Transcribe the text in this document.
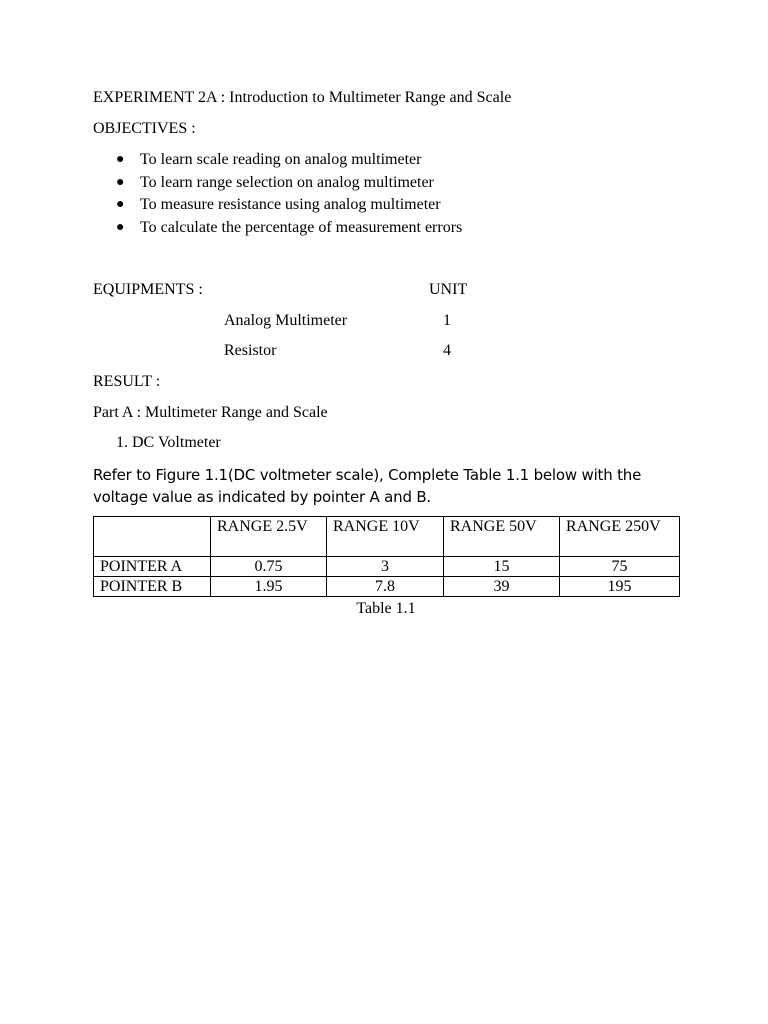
EXPERIMENT 2A : Introduction to Multimeter Range and Scale
OBJECTIVES :
● To learn scale reading on analog multimeter
● To learn range selection on analog multimeter
● To measure resistance using analog multimeter
● To calculate the percentage of measurement errors
EQUIPMENTS :	UNIT
Analog Multimeter	1
Resistor	4
RESULT :
Part A : Multimeter Range and Scale
1. DC Voltmeter
Refer to Figure 1.1(DC voltmeter scale), Complete Table 1.1 below with the
voltage value as indicated by pointer A and B.
	RANGE 2.5V	RANGE 10V	RANGE 50V	RANGE 250V
POINTER A	0.75	3	15	75
POINTER B	1.95	7.8	39	195
Table 1.1
